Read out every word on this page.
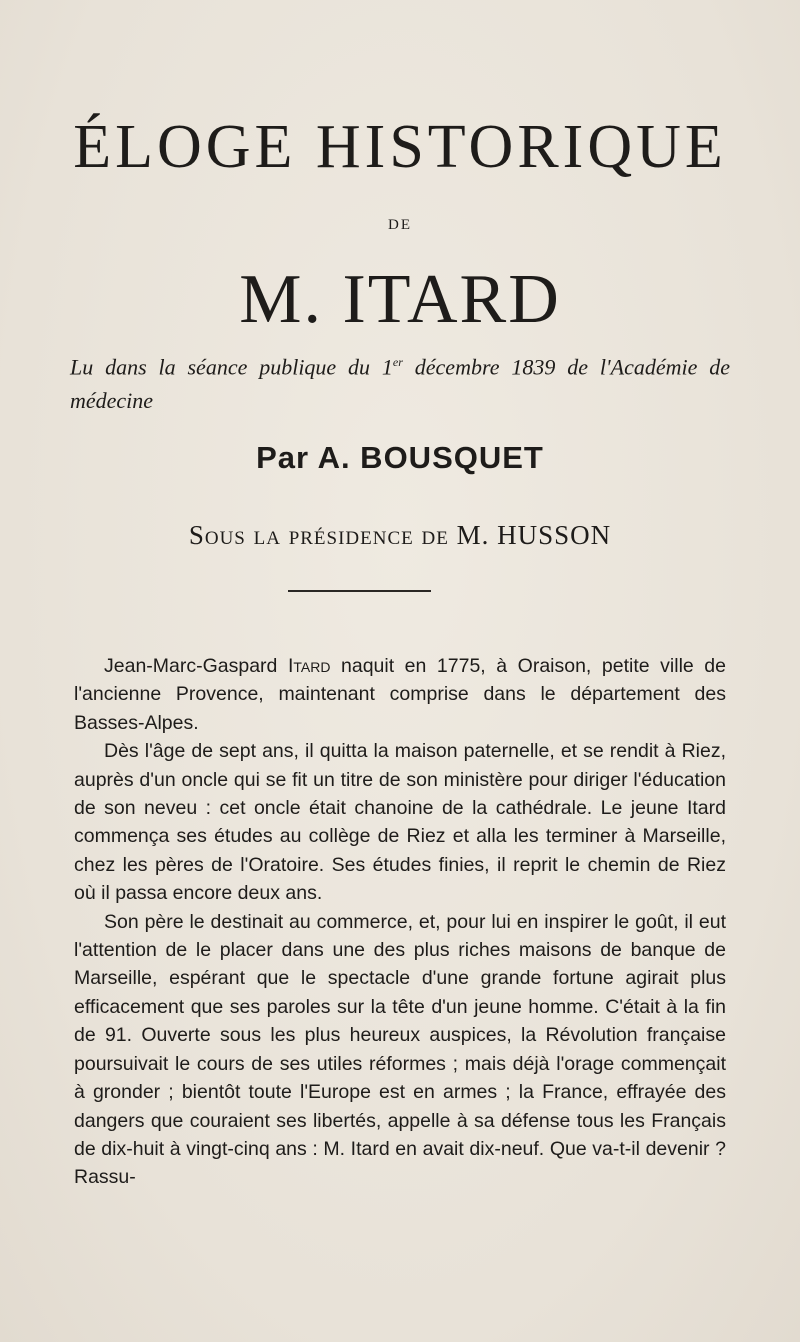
ÉLOGE HISTORIQUE
DE
M. ITARD

Lu dans la séance publique du 1er décembre 1839 de l'Académie de médecine

Par A. BOUSQUET
Sous la présidence de M. HUSSON

Jean-Marc-Gaspard Itard naquit en 1775, à Oraison, petite ville de l'ancienne Provence, maintenant comprise dans le département des Basses-Alpes.

Dès l'âge de sept ans, il quitta la maison paternelle, et se rendit à Riez, auprès d'un oncle qui se fit un titre de son ministère pour diriger l'éducation de son neveu : cet oncle était chanoine de la cathédrale. Le jeune Itard commença ses études au collège de Riez et alla les terminer à Marseille, chez les pères de l'Oratoire. Ses études finies, il reprit le chemin de Riez où il passa encore deux ans.

Son père le destinait au commerce, et, pour lui en inspirer le goût, il eut l'attention de le placer dans une des plus riches maisons de banque de Marseille, espérant que le spectacle d'une grande fortune agirait plus efficacement que ses paroles sur la tête d'un jeune homme. C'était à la fin de 91. Ouverte sous les plus heureux auspices, la Révolution française poursuivait le cours de ses utiles réformes ; mais déjà l'orage commençait à gronder ; bientôt toute l'Europe est en armes ; la France, effrayée des dangers que couraient ses libertés, appelle à sa défense tous les Français de dix-huit à vingt-cinq ans : M. Itard en avait dix-neuf. Que va-t-il devenir ? Rassu-
